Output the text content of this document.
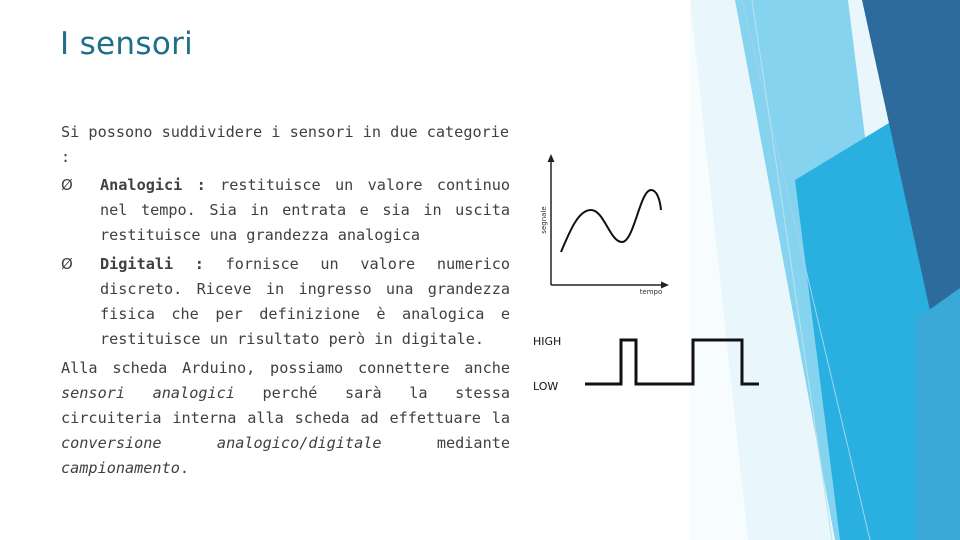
I sensori

Si possono suddividere i sensori in due categorie :

Ø Analogici : restituisce un valore continuo nel tempo. Sia in entrata e sia in uscita restituisce una grandezza analogica
Ø Digitali : fornisce un valore numerico discreto. Riceve in ingresso una grandezza fisica che per definizione è analogica e restituisce un risultato però in digitale.

Alla scheda Arduino, possiamo connettere anche sensori analogici perché sarà la stessa circuiteria interna alla scheda ad effettuare la conversione analogico/digitale mediante campionamento.

segnale
tempo
HIGH
LOW
